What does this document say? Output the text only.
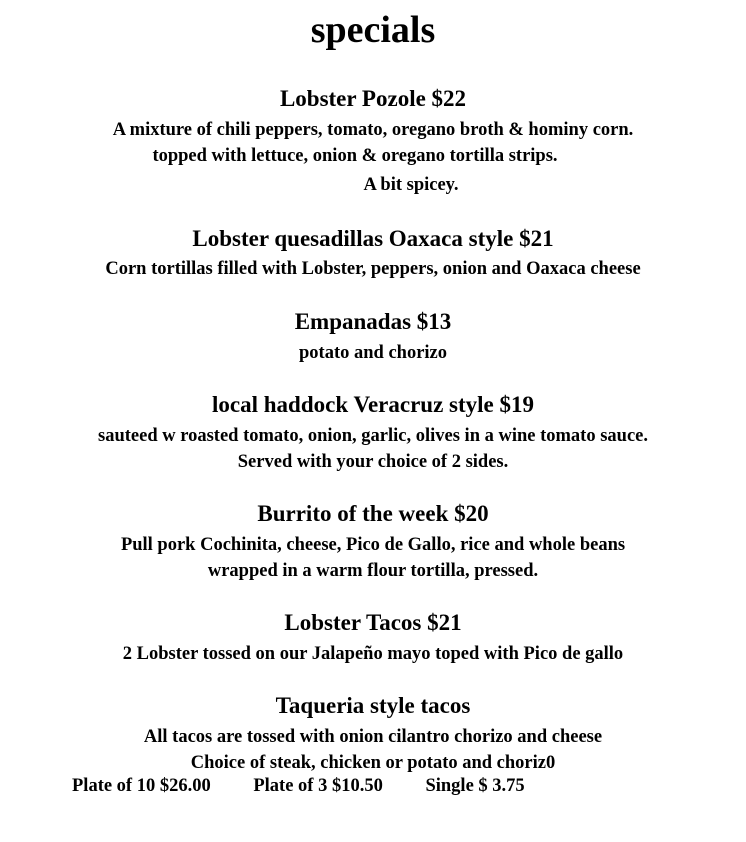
specials
Lobster Pozole $22
A mixture of chili peppers, tomato, oregano broth & hominy corn.
topped with lettuce, onion & oregano tortilla strips.
A bit spicey.
Lobster quesadillas Oaxaca style $21
Corn tortillas filled with Lobster, peppers, onion and Oaxaca cheese
Empanadas $13
potato and chorizo
local haddock Veracruz style $19
sauteed w roasted tomato, onion, garlic, olives in a wine tomato sauce.
Served with your choice of 2 sides.
Burrito of the week $20
Pull pork Cochinita, cheese, Pico de Gallo, rice and whole beans
wrapped in a warm flour tortilla, pressed.
Lobster Tacos $21
2 Lobster tossed on our Jalapeño mayo toped with Pico de gallo
Taqueria style tacos
All tacos are tossed with onion cilantro chorizo and cheese
Choice of steak, chicken or potato and choriz0
Plate of 10 $26.00 Plate of 3 $10.50 Single $ 3.75
